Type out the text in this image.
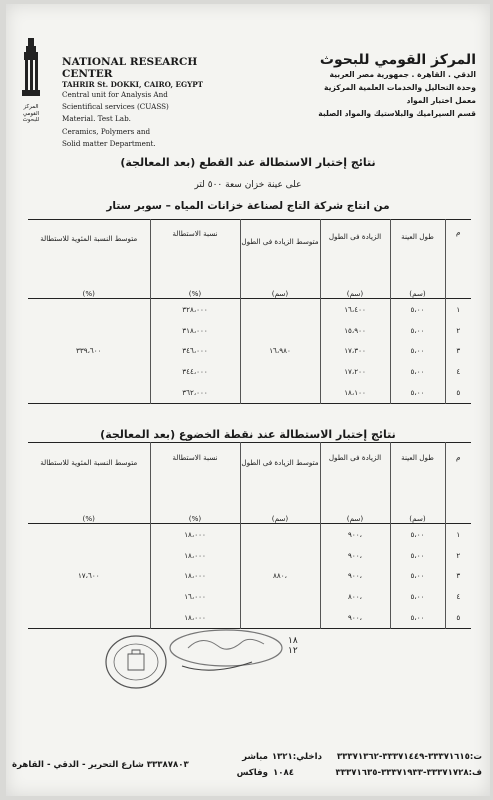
المركز القومي للبحوث
NATIONAL RESEARCH CENTER
TAHRIR St. DOKKI, CAIRO, EGYPT
Central unit for Analysis And
Scientifical services (CUASS)
Material. Test Lab.
Ceramics, Polymers and
Solid matter Department.
المركز القومي للبحوث
الدقي . القاهرة . جمهورية مصر العربية
وحدة التحاليل والخدمات العلمية المركزية
معمل اختبار المواد
قسم السيراميك والبلاستيك والمواد الصلبة
نتائج إختبار الاستطالة عند القطع (بعد المعالجة)
على عينة خزان سعة ٥٠٠ لتر
من انتاج شركة التاج لصناعة خزانات المياه – سوبر ستار
م	طول العينة	الزيادة فى الطول	متوسط الزيادة فى الطول	نسبة الاستطالة	متوسط النسبة المئوية للاستطالة
	(سم)	(سم)	(سم)	(%)	(%)
١	٥،٠٠	١٦،٤٠٠		٣٢٨،٠٠٠	
٢	٥،٠٠	١٥،٩٠٠		٣١٨،٠٠٠	
٣	٥،٠٠	١٧،٣٠٠	١٦،٩٨٠	٣٤٦،٠٠٠	٣٣٩،٦٠٠
٤	٥،٠٠	١٧،٢٠٠		٣٤٤،٠٠٠	
٥	٥،٠٠	١٨،١٠٠		٣٦٢،٠٠٠	
نتائج إختبار الاستطالة عند نقطة الخضوع (بعد المعالجة)
م	طول العينة	الزيادة فى الطول	متوسط الزيادة فى الطول	نسبة الاستطالة	متوسط النسبة المئوية للاستطالة
	(سم)	(سم)	(سم)	(%)	(%)
١	٥،٠٠	،٩٠٠		١٨،٠٠٠	
٢	٥،٠٠	،٩٠٠		١٨،٠٠٠	
٣	٥،٠٠	،٩٠٠	،٨٨٠	١٨،٠٠٠	١٧،٦٠٠
٤	٥،٠٠	،٨٠٠		١٦،٠٠٠	
٥	٥،٠٠	،٩٠٠		١٨،٠٠٠	
١٨
١٢
ت:٣٣٣٧١٦١٥-٣٣٣٧١٤٤٩-٣٣٣٧١٣٦٢
ف:٣٣٣٧١٧٢٨-٣٣٣٧١٩٣٣-٣٣٣٧١٦٣٥
داخلي:١٣٢١
١٠٨٤
مباشر
وفاكس
٣٣٣٨٧٨٠٣ شارع التحرير - الدقي - القاهرة
